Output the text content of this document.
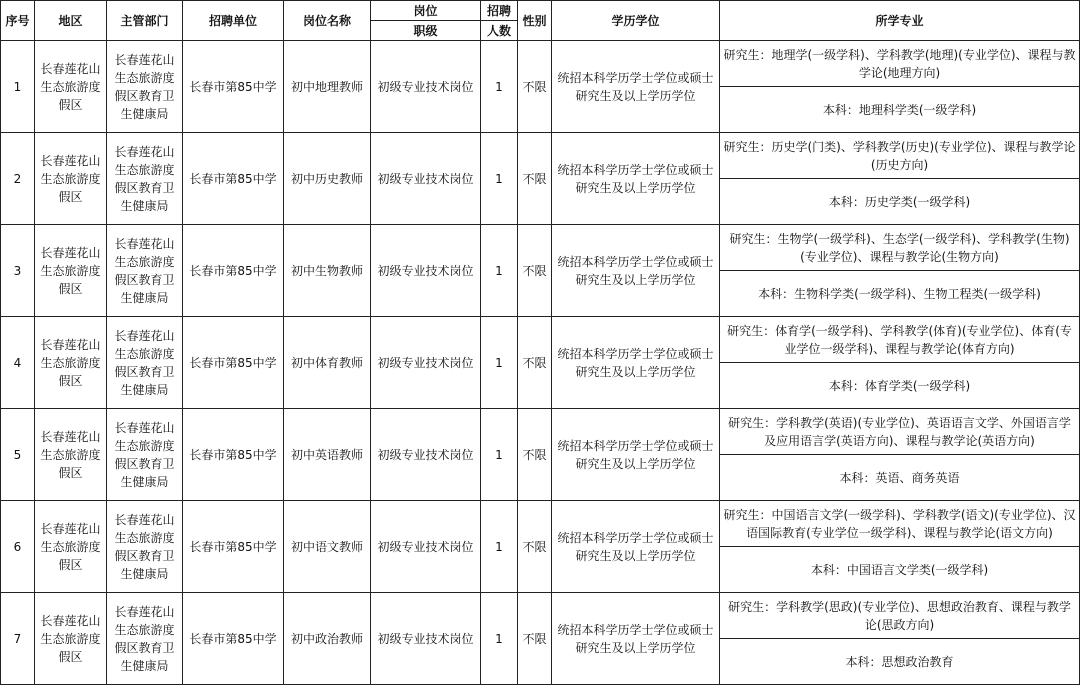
序号	地区	主管部门	招聘单位	岗位名称	岗位	招聘	性别	学历学位	所学专业
					职级	人数			
1	长春莲花山生态旅游度假区	长春莲花山生态旅游度假区教育卫生健康局	长春市第85中学	初中地理教师	初级专业技术岗位	1	不限	统招本科学历学士学位或硕士研究生及以上学历学位	研究生：地理学(一级学科)、学科教学(地理)(专业学位)、课程与教学论(地理方向)
									本科：地理科学类(一级学科)
2	长春莲花山生态旅游度假区	长春莲花山生态旅游度假区教育卫生健康局	长春市第85中学	初中历史教师	初级专业技术岗位	1	不限	统招本科学历学士学位或硕士研究生及以上学历学位	研究生：历史学(门类)、学科教学(历史)(专业学位)、课程与教学论(历史方向)
									本科：历史学类(一级学科)
3	长春莲花山生态旅游度假区	长春莲花山生态旅游度假区教育卫生健康局	长春市第85中学	初中生物教师	初级专业技术岗位	1	不限	统招本科学历学士学位或硕士研究生及以上学历学位	研究生：生物学(一级学科)、生态学(一级学科)、学科教学(生物)(专业学位)、课程与教学论(生物方向)
									本科：生物科学类(一级学科)、生物工程类(一级学科)
4	长春莲花山生态旅游度假区	长春莲花山生态旅游度假区教育卫生健康局	长春市第85中学	初中体育教师	初级专业技术岗位	1	不限	统招本科学历学士学位或硕士研究生及以上学历学位	研究生：体育学(一级学科)、学科教学(体育)(专业学位)、体育(专业学位一级学科)、课程与教学论(体育方向)
									本科：体育学类(一级学科)
5	长春莲花山生态旅游度假区	长春莲花山生态旅游度假区教育卫生健康局	长春市第85中学	初中英语教师	初级专业技术岗位	1	不限	统招本科学历学士学位或硕士研究生及以上学历学位	研究生：学科教学(英语)(专业学位)、英语语言文学、外国语言学及应用语言学(英语方向)、课程与教学论(英语方向)
									本科：英语、商务英语
6	长春莲花山生态旅游度假区	长春莲花山生态旅游度假区教育卫生健康局	长春市第85中学	初中语文教师	初级专业技术岗位	1	不限	统招本科学历学士学位或硕士研究生及以上学历学位	研究生：中国语言文学(一级学科)、学科教学(语文)(专业学位)、汉语国际教育(专业学位一级学科)、课程与教学论(语文方向)
									本科：中国语言文学类(一级学科)
7	长春莲花山生态旅游度假区	长春莲花山生态旅游度假区教育卫生健康局	长春市第85中学	初中政治教师	初级专业技术岗位	1	不限	统招本科学历学士学位或硕士研究生及以上学历学位	研究生：学科教学(思政)(专业学位)、思想政治教育、课程与教学论(思政方向)
									本科：思想政治教育
